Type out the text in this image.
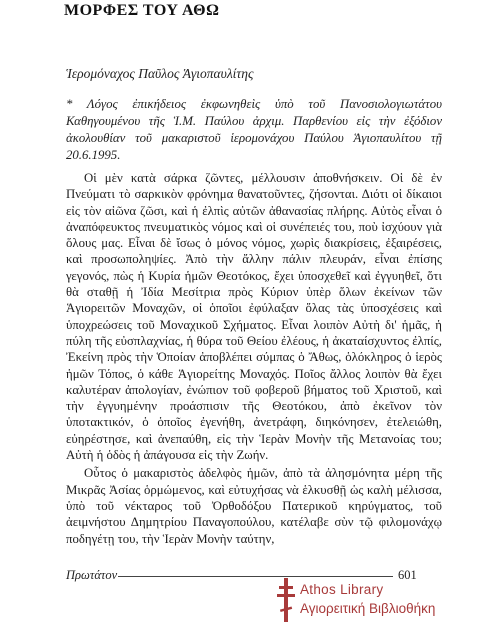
ΜΟΡΦΕΣ ΤΟΥ ΑΘΩ
Ἱερομόναχος Παῦλος Ἁγιοπαυλίτης
* Λόγος ἐπικήδειος ἐκφωνηθεὶς ὑπὸ τοῦ Πανοσιολογιωτάτου Καθηγουμένου τῆς Ἱ.Μ. Παύλου ἀρχιμ. Παρθενίου εἰς τὴν ἐξόδιον ἀκολουθίαν τοῦ μακαριστοῦ ἱερομονάχου Παύλου Ἁγιοπαυλίτου τῇ 20.6.1995.

Οἱ μὲν κατὰ σάρκα ζῶντες, μέλλουσιν ἀποθνήσκειν. Οἱ δὲ ἐν Πνεύματι τὸ σαρκικὸν φρόνημα θανατοῦντες, ζήσονται. Διότι οἱ δίκαιοι εἰς τὸν αἰῶνα ζῶσι, καὶ ἡ ἐλπὶς αὐτῶν ἀθανασίας πλήρης. Αὐτὸς εἶναι ὁ ἀναπόφευκτος πνευματικὸς νόμος καὶ οἱ συνέπειές του, ποὺ ἰσχύουν γιὰ ὅλους μας. Εἶναι δὲ ἴσως ὁ μόνος νόμος, χωρὶς διακρίσεις, ἐξαιρέσεις, καὶ προσωποληψίες. Ἀπὸ τὴν ἄλλην πάλιν πλευράν, εἶναι ἐπίσης γεγονός, πὼς ἡ Κυρία ἡμῶν Θεοτόκος, ἔχει ὑποσχεθεῖ καὶ ἐγγυηθεῖ, ὅτι θὰ σταθῇ ἡ Ἰδία Μεσίτρια πρὸς Κύριον ὑπὲρ ὅλων ἐκείνων τῶν Ἁγιορειτῶν Μοναχῶν, οἱ ὁποῖοι ἐφύλαξαν ὅλας τὰς ὑποσχέσεις καὶ ὑποχρεώσεις τοῦ Μοναχικοῦ Σχήματος. Εἶναι λοιπὸν Αὐτὴ δι' ἡμᾶς, ἡ πύλη τῆς εὐσπλαχνίας, ἡ θύρα τοῦ Θείου ἐλέους, ἡ ἀκαταίσχυντος ἐλπίς, Ἐκείνη πρὸς τὴν Ὁποίαν ἀποβλέπει σύμπας ὁ Ἄθως, ὁλόκληρος ὁ ἱερὸς ἡμῶν Τόπος, ὁ κάθε Ἁγιορείτης Μοναχός. Ποῖος ἄλλος λοιπὸν θὰ ἔχει καλυτέραν ἀπολογίαν, ἐνώπιον τοῦ φοβεροῦ βήματος τοῦ Χριστοῦ, καὶ τὴν ἐγγυημένην προάσπισιν τῆς Θεοτόκου, ἀπὸ ἐκεῖνον τὸν ὑποτακτικόν, ὁ ὁποῖος ἐγενήθη, ἀνετράφη, διηκόνησεν, ἐτελειώθη, εὐηρέστησε, καὶ ἀνεπαύθη, εἰς τὴν Ἱερὰν Μονὴν τῆς Μετανοίας του; Αὐτὴ ἡ ὁδὸς ἡ ἀπάγουσα εἰς τὴν Ζωήν.

Οὗτος ὁ μακαριστὸς ἀδελφὸς ἡμῶν, ἀπὸ τὰ ἀλησμόνητα μέρη τῆς Μικρᾶς Ἀσίας ὁρμώμενος, καὶ εὐτυχήσας νὰ ἑλκυσθῇ ὡς καλὴ μέλισσα, ὑπὸ τοῦ νέκταρος τοῦ Ὀρθοδόξου Πατερικοῦ κηρύγματος, τοῦ ἀειμνήστου Δημητρίου Παναγοπούλου, κατέλαβε σὺν τῷ φιλομονάχῳ ποδηγέτῃ του, τὴν Ἱερὰν Μονὴν ταύτην,

Πρωτάτον	601
Athos Library
Αγιορειτική Βιβλιοθήκη
